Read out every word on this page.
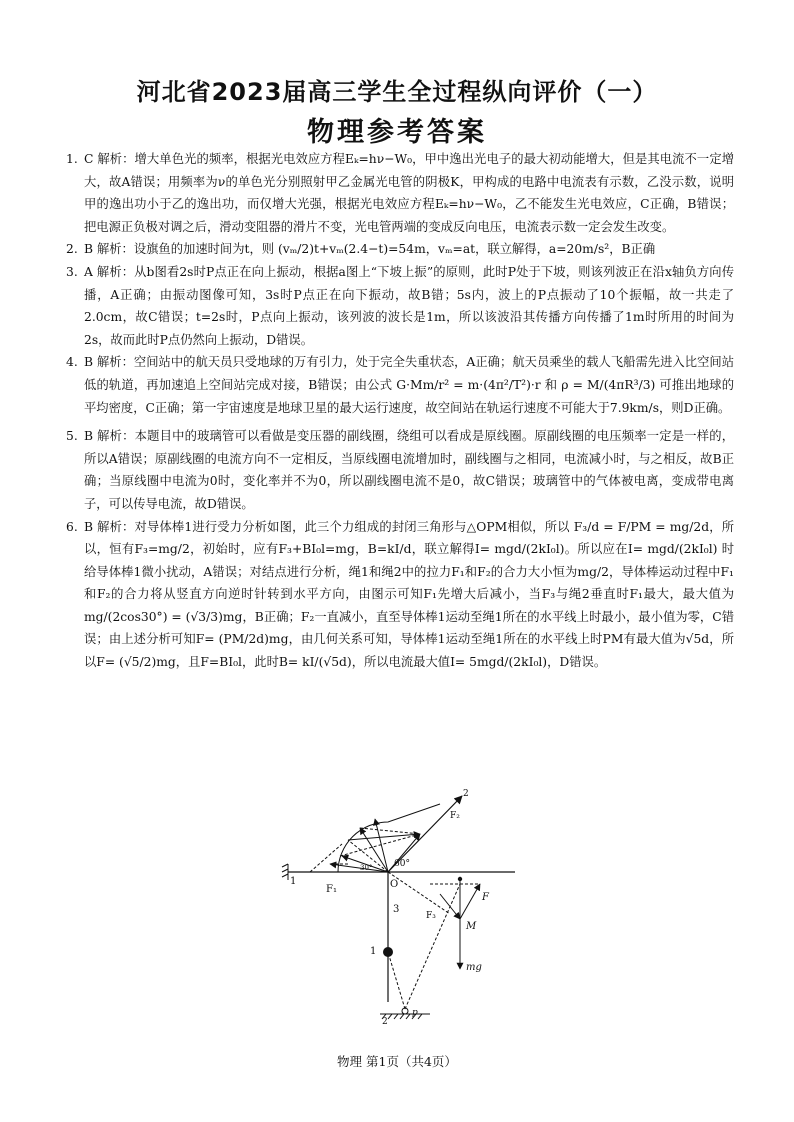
河北省2023届高三学生全过程纵向评价（一）
物理参考答案

1. C 解析：增大单色光的频率，根据光电效应方程Eₖ=hν−W₀，甲中逸出光电子的最大初动能增大，但是其电流不一定增大，故A错误；用频率为ν的单色光分别照射甲乙金属光电管的阴极K，甲构成的电路中电流表有示数，乙没示数，说明甲的逸出功小于乙的逸出功，而仅增大光强，根据光电效应方程Eₖ=hν−W₀，乙不能发生光电效应，C正确，B错误；把电源正负极对调之后，滑动变阻器的滑片不变，光电管两端的变成反向电压，电流表示数一定会发生改变。

2. B 解析：设旗鱼的加速时间为t，则 (vₘ/2)t+vₘ(2.4−t)=54m，vₘ=at，联立解得，a=20m/s²，B正确

3. A 解析：从b图看2s时P点正在向上振动，根据a图上“下坡上振”的原则，此时P处于下坡，则该列波正在沿x轴负方向传播，A正确；由振动图像可知，3s时P点正在向下振动，故B错；5s内，波上的P点振动了10个振幅，故一共走了2.0cm，故C错误；t=2s时，P点向上振动，该列波的波长是1m，所以该波沿其传播方向传播了1m时所用的时间为2s，故而此时P点仍然向上振动，D错误。

4. B 解析：空间站中的航天员只受地球的万有引力，处于完全失重状态，A正确；航天员乘坐的载人飞船需先进入比空间站低的轨道，再加速追上空间站完成对接，B错误；由公式 G·Mm/r² = m·(4π²/T²)·r 和 ρ = M/(4πR³/3) 可推出地球的平均密度，C正确；第一宇宙速度是地球卫星的最大运行速度，故空间站在轨运行速度不可能大于7.9km/s，则D正确。

5. B 解析：本题目中的玻璃管可以看做是变压器的副线圈，绕组可以看成是原线圈。原副线圈的电压频率一定是一样的，所以A错误；原副线圈的电流方向不一定相反，当原线圈电流增加时，副线圈与之相同，电流减小时，与之相反，故B正确；当原线圈中电流为0时，变化率并不为0，所以副线圈电流不是0，故C错误；玻璃管中的气体被电离，变成带电离子，可以传导电流，故D错误。

6. B 解析：对导体棒1进行受力分析如图，此三个力组成的封闭三角形与△OPM相似，所以 F₃/d = F/PM = mg/2d，所以，恒有F₃=mg/2，初始时，应有F₃+BI₀l=mg，B=kI/d，联立解得I= mgd/(2kI₀l)。所以应在I= mgd/(2kI₀l) 时给导体棒1微小扰动，A错误；对结点进行分析，绳1和绳2中的拉力F₁和F₂的合力大小恒为mg/2，导体棒运动过程中F₁和F₂的合力将从竖直方向逆时针转到水平方向，由图示可知F₁先增大后减小，当F₃与绳2垂直时F₁最大，最大值为 mg/(2cos30°) = (√3/3)mg，B正确；F₂一直减小，直至导体棒1运动至绳1所在的水平线上时最小，最小值为零，C错误；由上述分析可知F= (PM/2d)mg，由几何关系可知，导体棒1运动至绳1所在的水平线上时PM有最大值为√5d，所以F= (√5/2)mg，且F=BI₀l，此时B= kI/(√5d)，所以电流最大值I= 5mgd/(2kI₀l)，D错误。

1
F₁
30°
O
60°
2
F₂
3
F₃
M
F
mg
1
2
p
物理 第1页（共4页）
